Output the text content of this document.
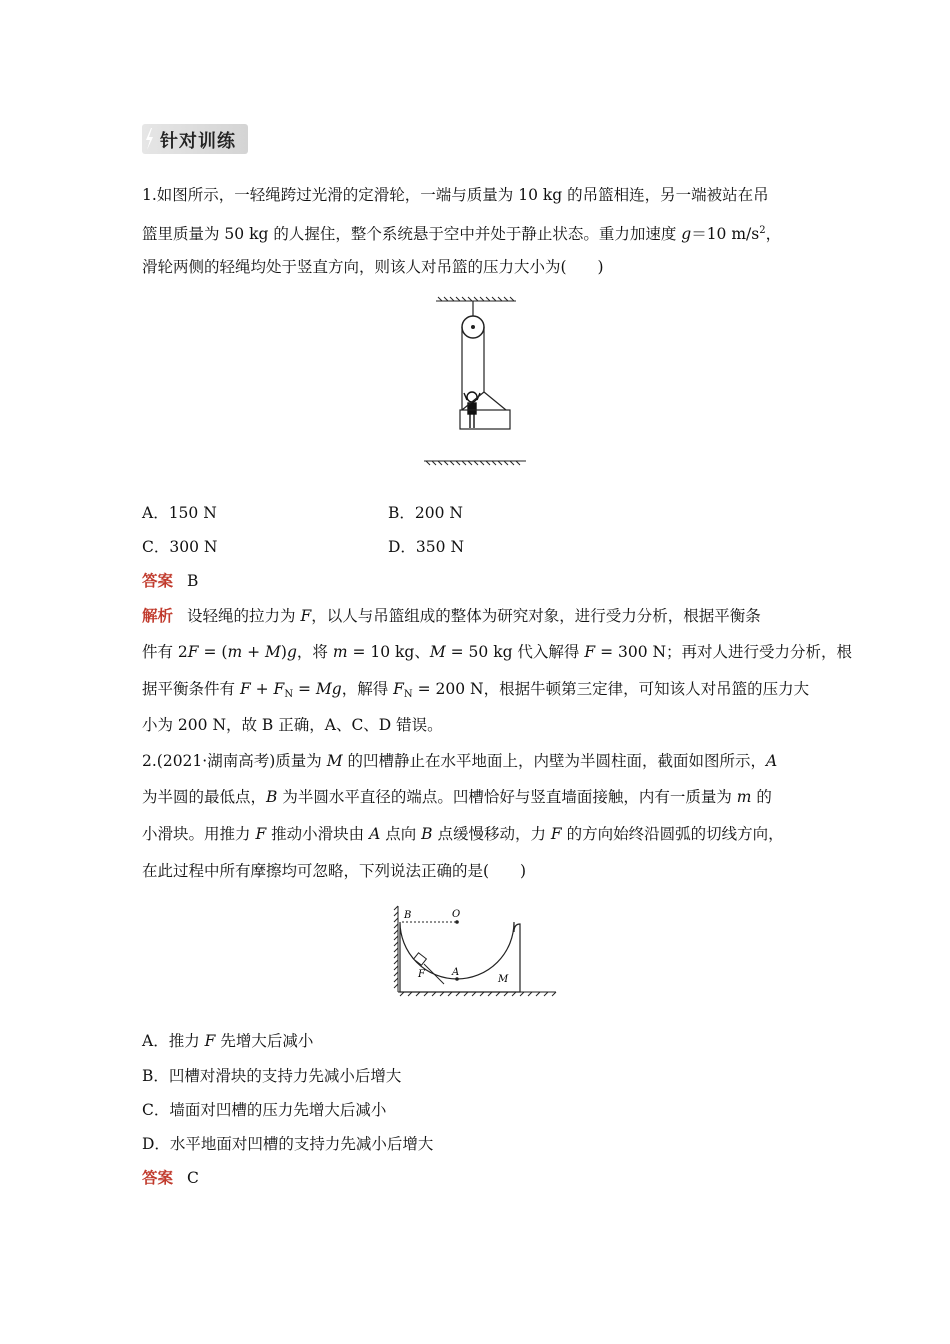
针对训练
1.如图所示，一轻绳跨过光滑的定滑轮，一端与质量为 10 kg 的吊篮相连，另一端被站在吊
篮里质量为 50 kg 的人握住，整个系统悬于空中并处于静止状态。重力加速度 g＝10 $m/s^2$，
滑轮两侧的轻绳均处于竖直方向，则该人对吊篮的压力大小为(　　)
A．150 N	B．200 N
C．300 N	D．350 N
答案 B
解析 设轻绳的拉力为 F，以人与吊篮组成的整体为研究对象，进行受力分析，根据平衡条
件有 2F = (m + M)g，将 m = 10 kg、M = 50 kg 代入解得 F = 300 N；再对人进行受力分析，根
据平衡条件有 $F + F_N = Mg$，解得 $F_N = 200$ N，根据牛顿第三定律，可知该人对吊篮的压力大
小为 200 N，故 B 正确，A、C、D 错误。
2.(2021·湖南高考)质量为 M 的凹槽静止在水平地面上，内壁为半圆柱面，截面如图所示，A
为半圆的最低点，B 为半圆水平直径的端点。凹槽恰好与竖直墙面接触，内有一质量为 m 的
小滑块。用推力 F 推动小滑块由 A 点向 B 点缓慢移动，力 F 的方向始终沿圆弧的切线方向，
在此过程中所有摩擦均可忽略，下列说法正确的是(　　)
B	O
F	A
M
A．推力 F 先增大后减小
B．凹槽对滑块的支持力先减小后增大
C．墙面对凹槽的压力先增大后减小
D．水平地面对凹槽的支持力先减小后增大
答案 C
